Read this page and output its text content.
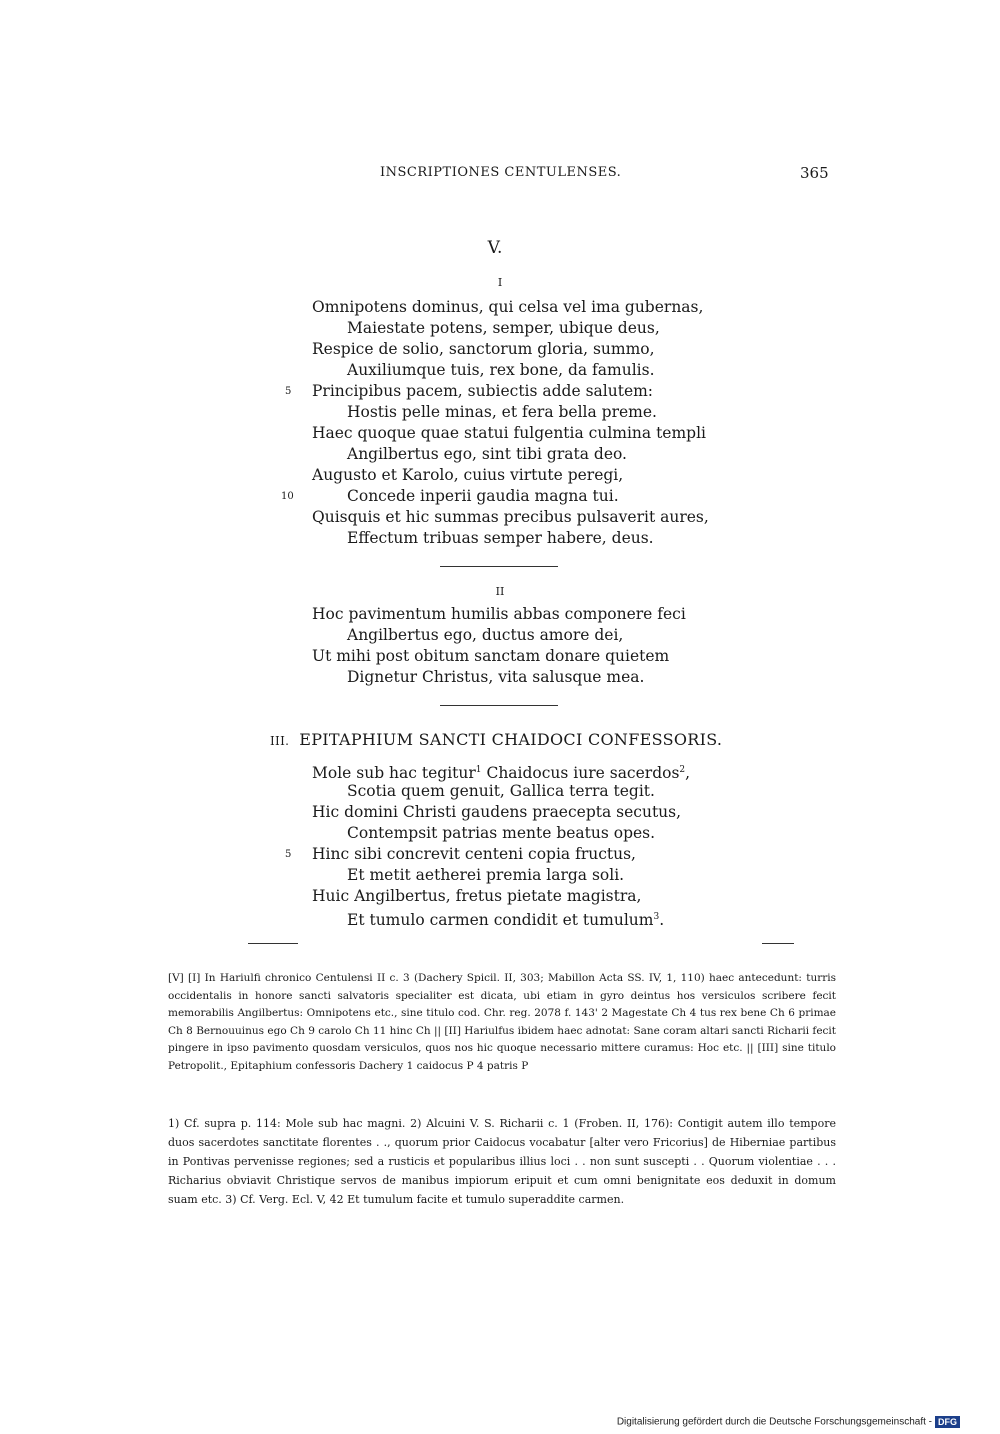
INSCRIPTIONES CENTULENSES.	365
V.
I
Omnipotens dominus, qui celsa vel ima gubernas,
Maiestate potens, semper, ubique deus,
Respice de solio, sanctorum gloria, summo,
Auxiliumque tuis, rex bone, da famulis.
5 Principibus pacem, subiectis adde salutem:
Hostis pelle minas, et fera bella preme.
Haec quoque quae statui fulgentia culmina templi
Angilbertus ego, sint tibi grata deo.
Augusto et Karolo, cuius virtute peregi,
10	Concede inperii gaudia magna tui.
Quisquis et hic summas precibus pulsaverit aures,
Effectum tribuas semper habere, deus.
II
Hoc pavimentum humilis abbas componere feci
Angilbertus ego, ductus amore dei,
Ut mihi post obitum sanctam donare quietem
Dignetur Christus, vita salusque mea.
III. EPITAPHIUM SANCTI CHAIDOCI CONFESSORIS.
Mole sub hac tegitur$^1$ Chaidocus iure sacerdos$^2$,
Scotia quem genuit, Gallica terra tegit.
Hic domini Christi gaudens praecepta secutus,
Contempsit patrias mente beatus opes.
5 Hinc sibi concrevit centeni copia fructus,
Et metit aetherei premia larga soli.
Huic Angilbertus, fretus pietate magistra,
Et tumulo carmen condidit et tumulum$^3$.

[V] [I] In Hariulfi chronico Centulensi II c. 3 (Dachery Spicil. II, 303; Mabillon Acta SS. IV, 1, 110) haec antecedunt: turris occidentalis in honore sancti salvatoris specialiter est dicata, ubi etiam in gyro deintus hos versiculos scribere fecit memorabilis Angilbertus: Omnipotens etc., sine titulo cod. Chr. reg. 2078 f. 143' 2 Magestate Ch 4 tus rex bene Ch 6 primae Ch 8 Bernouuinus ego Ch 9 carolo Ch 11 hinc Ch || [II] Hariulfus ibidem haec adnotat: Sane coram altari sancti Richarii fecit pingere in ipso pavimento quosdam versiculos, quos nos hic quoque necessario mittere curamus: Hoc etc. || [III] sine titulo Petropolit., Epitaphium confessoris Dachery 1 caidocus P 4 patris P

1) Cf. supra p. 114: Mole sub hac magni. 2) Alcuini V. S. Richarii c. 1 (Froben. II, 176): Contigit autem illo tempore duos sacerdotes sanctitate florentes . ., quorum prior Caidocus vocabatur [alter vero Fricorius] de Hiberniae partibus in Pontivas pervenisse regiones; sed a rusticis et popularibus illius loci . . non sunt suscepti . . Quorum violentiae . . . Richarius obviavit Christique servos de manibus impiorum eripuit et cum omni benignitate eos deduxit in domum suam etc. 3) Cf. Verg. Ecl. V, 42 Et tumulum facite et tumulo superaddite carmen.

Digitalisierung gefördert durch die Deutsche Forschungsgemeinschaft - DFG
